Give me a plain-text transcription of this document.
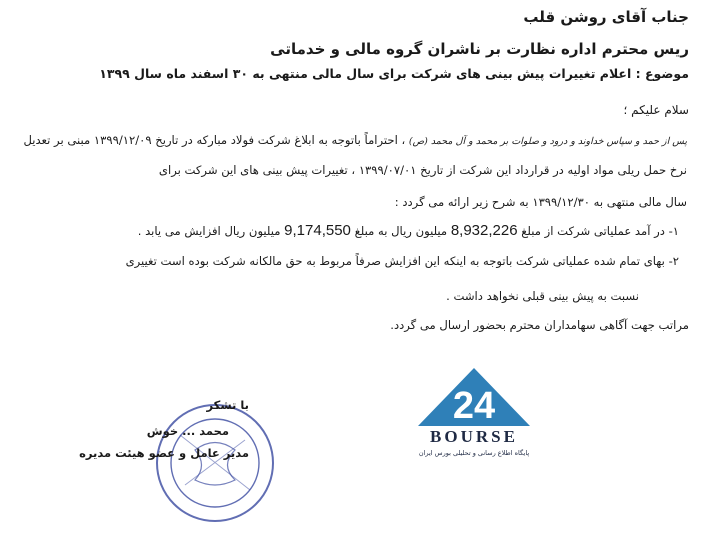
جناب آقای روشن قلب
ریس محترم اداره نظارت بر ناشران گروه مالی و خدماتی
موضوع : اعلام تغییرات پیش بینی های شرکت برای سال مالی منتهی به ۳۰ اسفند ماه سال ۱۳۹۹
سلام علیکم ؛
پس از حمد و سپاس خداوند و درود و صلوات بر محمد و آل محمد (ص) ، احتراماً باتوجه به ابلاغ شرکت فولاد مبارکه در تاریخ ۱۳۹۹/۱۲/۰۹ مبنی بر تعدیل
نرخ حمل ریلی مواد اولیه در قرارداد این شرکت از تاریخ ۱۳۹۹/۰۷/۰۱ ، تغییرات پیش بینی های این شرکت برای
سال مالی منتهی به ۱۳۹۹/۱۲/۳۰ به شرح زیر ارائه می گردد :
۱- در آمد عملیاتی شرکت از مبلغ 8,932,226 میلیون ریال به مبلغ 9,174,550 میلیون ریال افزایش می یابد .
۲- بهای تمام شده عملیاتی شرکت باتوجه به اینکه این افزایش صرفاً مربوط به حق مالکانه شرکت بوده است تغییری
نسبت به پیش بینی قبلی نخواهد داشت .
مراتب جهت آگاهی سهامداران محترم بحضور ارسال می گردد.
با تشکر
محمد ... خوش
مدیر عامل و عضو هیئت مدیره
24
BOURSE
پایگاه اطلاع رسانی و تحلیلی بورس ایران
